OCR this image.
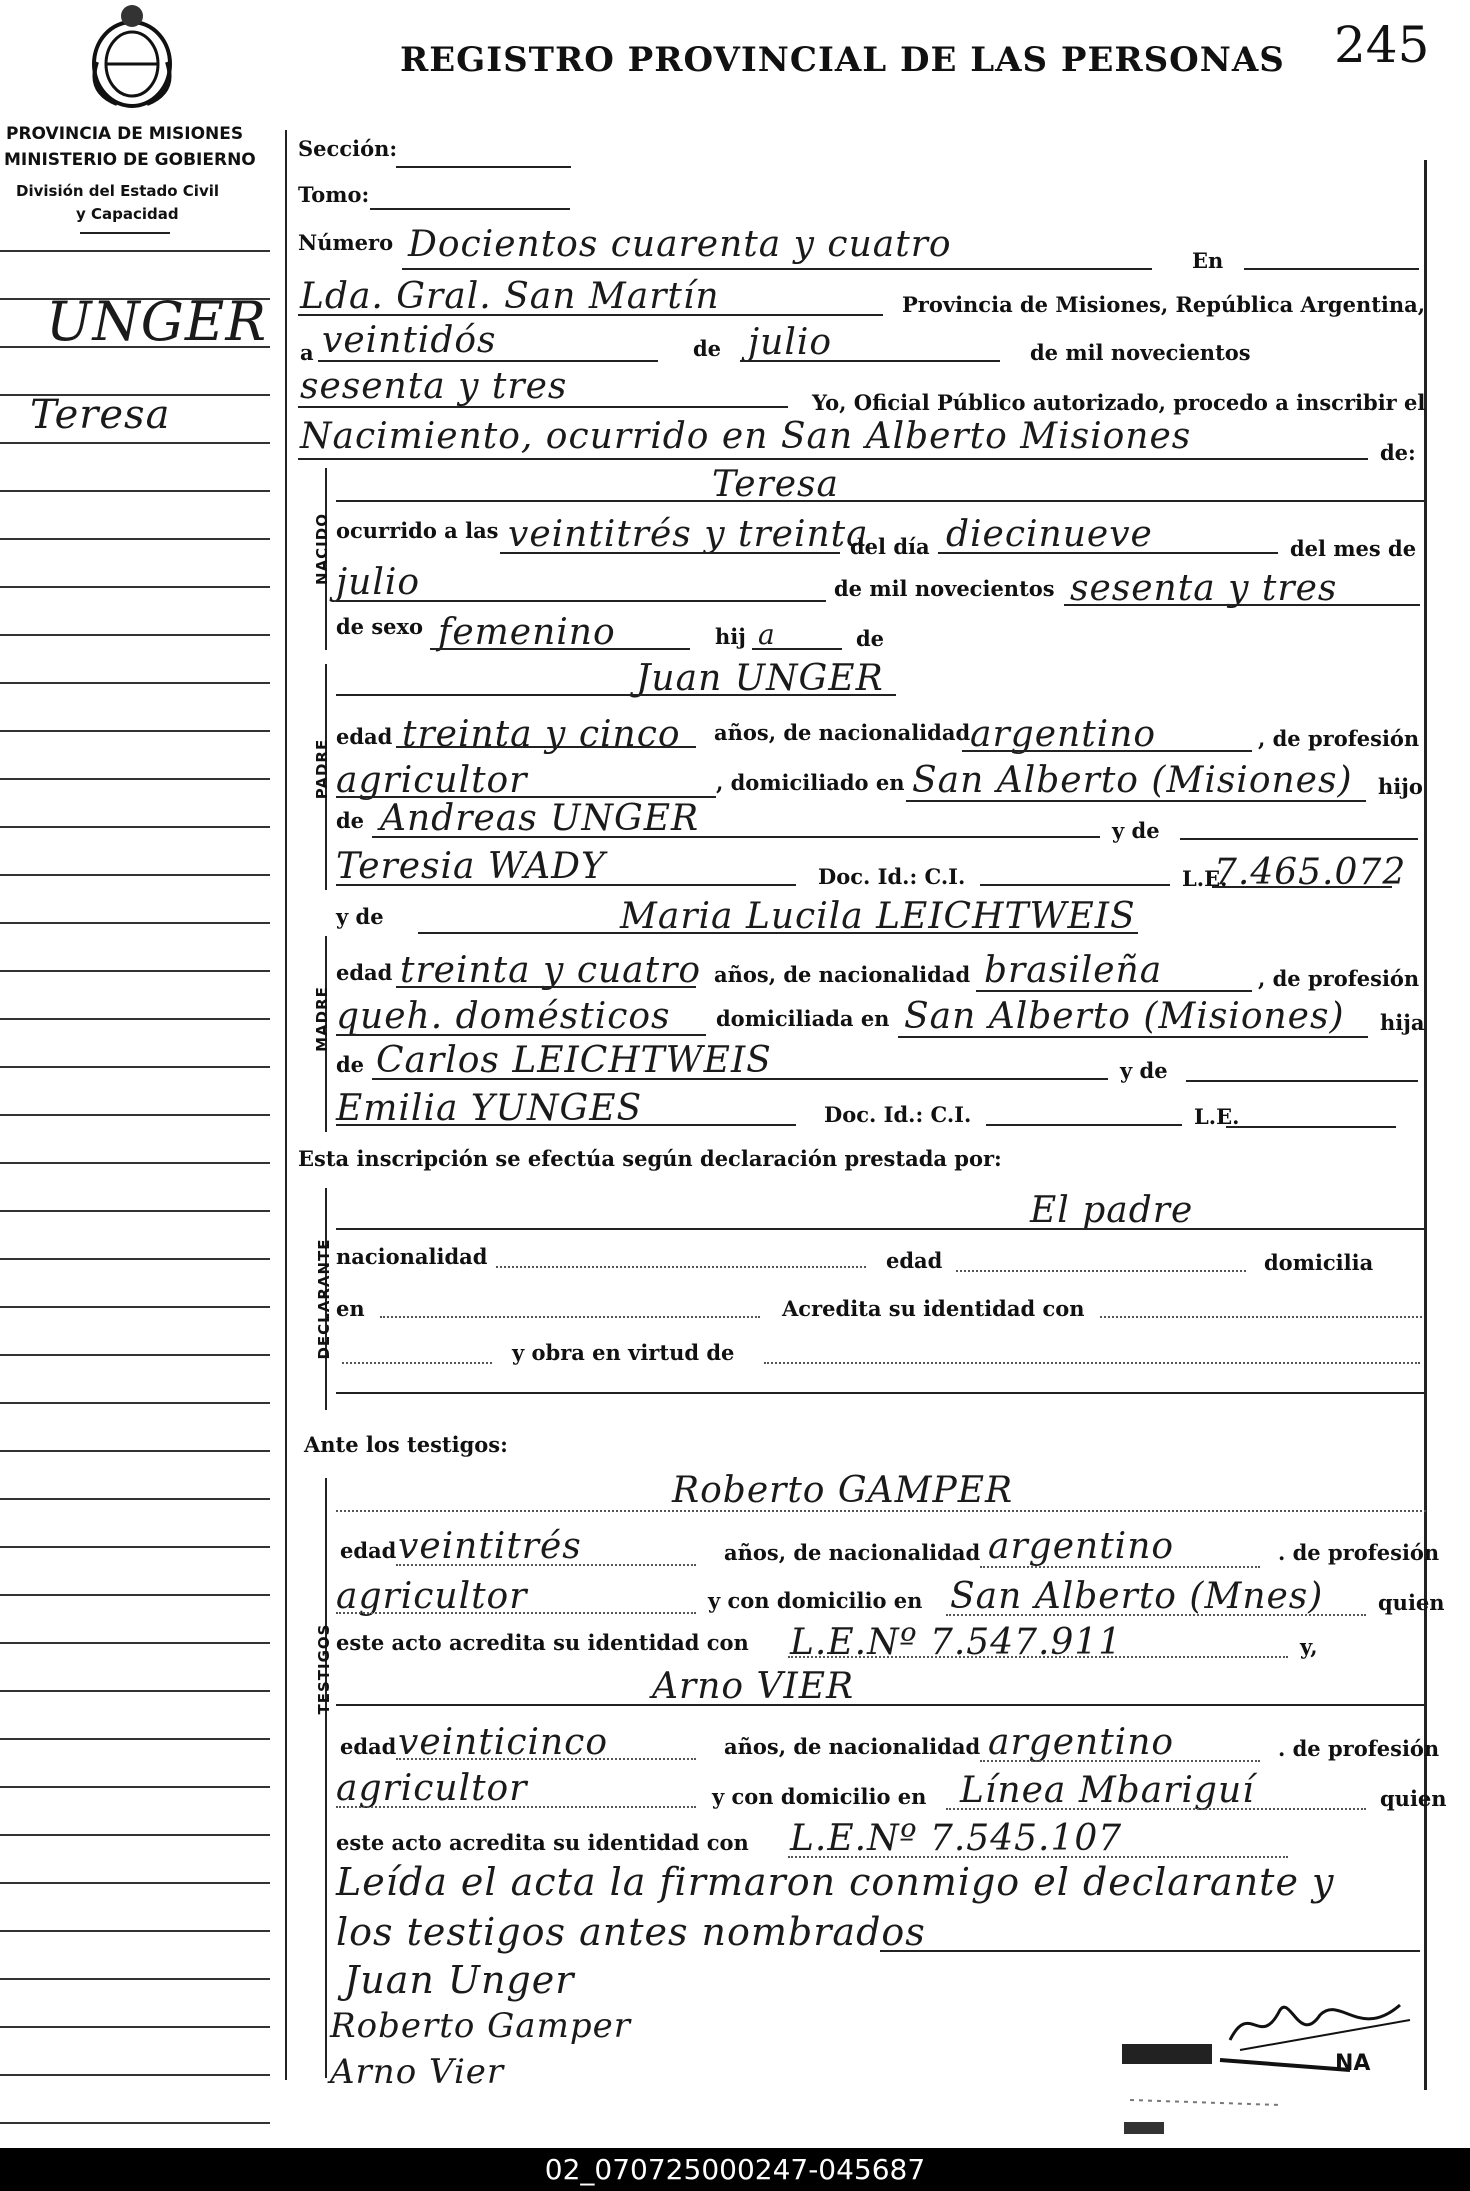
REGISTRO PROVINCIAL DE LAS PERSONAS 245
PROVINCIA DE MISIONES
MINISTERIO DE GOBIERNO
División del Estado Civil
y Capacidad
UNGER
Teresa
Sección:
Tomo:
Número Docientos cuarenta y cuatro	En
Lda. Gral. San Martín	Provincia de Misiones, República Argentina,
a veintidós	de julio	de mil novecientos
sesenta y tres	Yo, Oficial Público autorizado, procedo a inscribir el
Nacimiento, ocurrido en San Alberto Misiones	de:
NACIDO
Teresa
ocurrido a las veintitrés y treinta
del día diecinueve	del mes de
julio	de mil novecientos sesenta y tres
de sexo femenino	hij a	de
PADRE
Juan UNGER
edad treinta y cinco años, de nacionalidad argentino	, de profesión
agricultor	, domiciliado en San Alberto (Misiones) hijo
de Andreas UNGER	y de
Teresia WADY	Doc. Id.: C.I.	L.E.
7.465.072
y de	Maria Lucila LEICHTWEIS
MADRE
edad treinta y cuatro años, de nacionalidad brasileña	, de profesión
queh. domésticos domiciliada en San Alberto (Misiones) hija
de Carlos LEICHTWEIS	y de
Emilia YUNGES	Doc. Id.: C.I.	L.E.
Esta inscripción se efectúa según declaración prestada por:
DECLARANTE
El padre
nacionalidad	edad	domicilia
en	Acredita su identidad con
y obra en virtud de
Ante los testigos:
TESTIGOS
Roberto GAMPER
edad veintitrés	años, de nacionalidad argentino	. de profesión
agricultor	y con domicilio en San Alberto (Mnes)	quien
este acto acredita su identidad con L.E.Nº 7.547.911	y,
Arno VIER
edad veinticinco	años, de nacionalidad argentino	. de profesión
agricultor	y con domicilio en Línea Mbariguí	quien
este acto acredita su identidad con L.E.Nº 7.545.107
Leída el acta la firmaron conmigo el declarante y
los testigos antes nombrados
Juan Unger
Roberto Gamper
Arno Vier	NA
02_070725000247-045687
